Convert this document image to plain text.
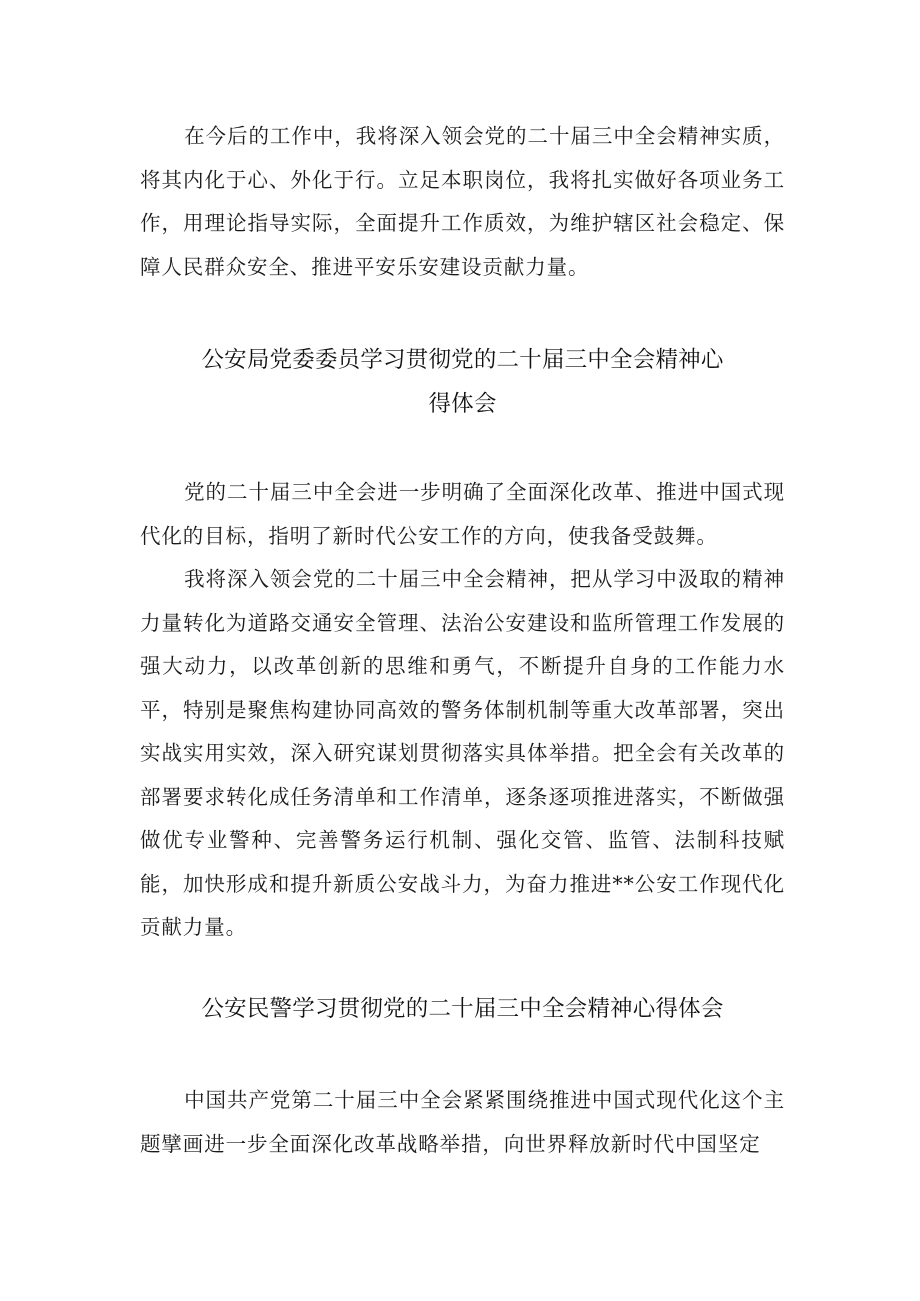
在今后的工作中，我将深入领会党的二十届三中全会精神实质，将其内化于心、外化于行。立足本职岗位，我将扎实做好各项业务工作，用理论指导实际，全面提升工作质效，为维护辖区社会稳定、保障人民群众安全、推进平安乐安建设贡献力量。

公安局党委委员学习贯彻党的二十届三中全会精神心
得体会

党的二十届三中全会进一步明确了全面深化改革、推进中国式现代化的目标，指明了新时代公安工作的方向，使我备受鼓舞。

我将深入领会党的二十届三中全会精神，把从学习中汲取的精神力量转化为道路交通安全管理、法治公安建设和监所管理工作发展的强大动力，以改革创新的思维和勇气，不断提升自身的工作能力水平，特别是聚焦构建协同高效的警务体制机制等重大改革部署，突出实战实用实效，深入研究谋划贯彻落实具体举措。把全会有关改革的部署要求转化成任务清单和工作清单，逐条逐项推进落实，不断做强做优专业警种、完善警务运行机制、强化交管、监管、法制科技赋能，加快形成和提升新质公安战斗力，为奋力推进**公安工作现代化贡献力量。

公安民警学习贯彻党的二十届三中全会精神心得体会

中国共产党第二十届三中全会紧紧围绕推进中国式现代化这个主题擘画进一步全面深化改革战略举措，向世界释放新时代中国坚定
